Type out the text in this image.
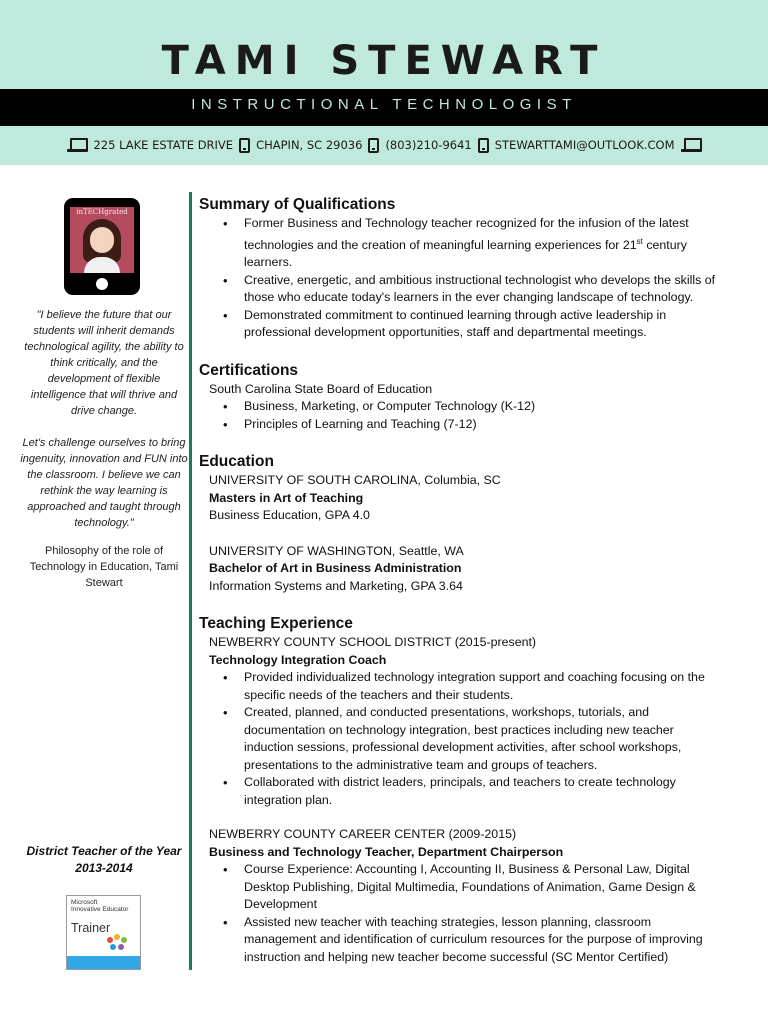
TAMI STEWART
INSTRUCTIONAL TECHNOLOGIST
225 LAKE ESTATE DRIVE CHAPIN, SC 29036 (803)210-9641 STEWARTTAMI@OUTLOOK.COM
inTECHgrated

"I believe the future that our students will inherit demands technological agility, the ability to think critically, and the development of flexible intelligence that will thrive and drive change.

Let's challenge ourselves to bring ingenuity, innovation and FUN into the classroom. I believe we can rethink the way learning is approached and taught through technology."

Philosophy of the role of Technology in Education, Tami Stewart
District Teacher of the Year
2013-2014
Microsoft
Innovative Educator
Trainer
Summary of Qualifications
• Former Business and Technology teacher recognized for the infusion of the latest
technologies and the creation of meaningful learning experiences for 21st century
learners.
• Creative, energetic, and ambitious instructional technologist who develops the skills of
those who educate today's learners in the ever changing landscape of technology.
• Demonstrated commitment to continued learning through active leadership in
professional development opportunities, staff and departmental meetings.
Certifications
South Carolina State Board of Education
• Business, Marketing, or Computer Technology (K-12)
• Principles of Learning and Teaching (7-12)
Education
UNIVERSITY OF SOUTH CAROLINA, Columbia, SC
Masters in Art of Teaching
Business Education, GPA 4.0
UNIVERSITY OF WASHINGTON, Seattle, WA
Bachelor of Art in Business Administration
Information Systems and Marketing, GPA 3.64
Teaching Experience
NEWBERRY COUNTY SCHOOL DISTRICT (2015-present)
Technology Integration Coach
• Provided individualized technology integration support and coaching focusing on the
specific needs of the teachers and their students.
• Created, planned, and conducted presentations, workshops, tutorials, and
documentation on technology integration, best practices including new teacher
induction sessions, professional development activities, after school workshops,
presentations to the administrative team and groups of teachers.
• Collaborated with district leaders, principals, and teachers to create technology
integration plan.
NEWBERRY COUNTY CAREER CENTER (2009-2015)
Business and Technology Teacher, Department Chairperson
• Course Experience: Accounting I, Accounting II, Business & Personal Law, Digital
Desktop Publishing, Digital Multimedia, Foundations of Animation, Game Design &
Development
• Assisted new teacher with teaching strategies, lesson planning, classroom
management and identification of curriculum resources for the purpose of improving
instruction and helping new teacher become successful (SC Mentor Certified)
